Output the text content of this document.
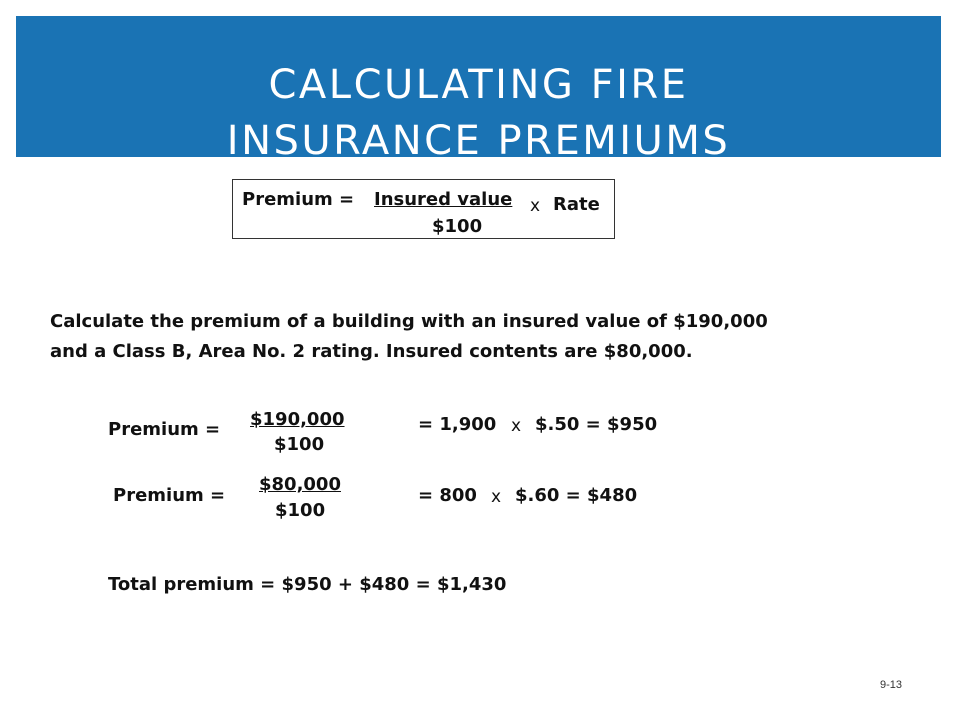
CALCULATING FIRE
INSURANCE PREMIUMS
Premium = Insured value
$100
x Rate
Calculate the premium of a building with an insured value of $190,000
and a Class B, Area No. 2 rating. Insured contents are $80,000.
Premium = $190,000
$100
= 1,900 x $.50 = $950
Premium =
$80,000
$100
= 800 x $.60 = $480
Total premium = $950 + $480 = $1,430
9-13
